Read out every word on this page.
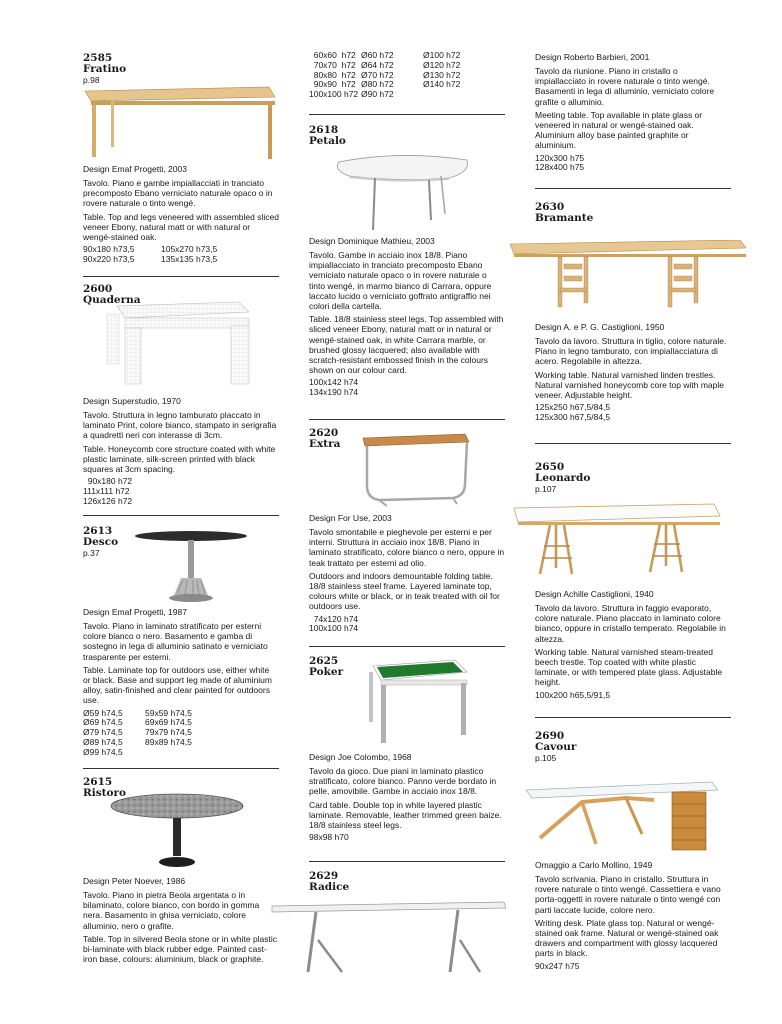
2585
Fratino
p.98
Design Emaf Progetti, 2003
Tavolo. Piano e gambe impiallacciati in tranciato precomposto Ebano verniciato naturale opaco o in rovere naturale o tinto wengé.
Table. Top and legs veneered with assembled sliced veneer Ebony, natural matt or with natural or wengé-stained oak.
90x180 h73,5	105x270 h73,5
90x220 h73,5	135x135 h73,5
2600
Quaderna
Design Superstudio, 1970
Tavolo. Struttura in legno tamburato placcato in laminato Print, colore bianco, stampato in serigrafia a quadretti neri con interasse di 3cm.
Table. Honeycomb core structure coated with white plastic laminate, silk-screen printed with black squares at 3cm spacing.
90x180 h72
111x111 h72
126x126 h72
2613
Desco
p.37
Design Emaf Progetti, 1987
Tavolo. Piano in laminato stratificato per esterni colore bianco o nero. Basamento e gamba di sostegno in lega di alluminio satinato e verniciato trasparente per esterni.
Table. Laminate top for outdoors use, either white or black. Base and support leg made of aluminium alloy, satin-finished and clear painted for outdoors use.
Ø59 h74,5	59x59 h74,5
Ø69 h74,5	69x69 h74,5
Ø79 h74,5	79x79 h74,5
Ø89 h74,5	89x89 h74,5
Ø99 h74,5
2615
Ristoro
Design Peter Noever, 1986
Tavolo. Piano in pietra Beola argentata o in bilaminato, colore bianco, con bordo in gomma nera. Basamento in ghisa verniciato, colore alluminio, nero o grafite.
Table. Top in silvered Beola stone or in white plastic bi-laminate with black rubber edge. Painted cast-iron base, colours: aluminium, black or graphite.
60x60  h72 Ø60 h72	Ø100 h72
70x70  h72 Ø64 h72	Ø120 h72
80x80  h72 Ø70 h72	Ø130 h72
90x90  h72 Ø80 h72	Ø140 h72
100x100 h72 Ø90 h72
2618
Petalo
Design Dominique Mathieu, 2003
Tavolo. Gambe in acciaio inox 18/8. Piano impiallacciato in tranciato precomposto Ebano verniciato naturale opaco o in rovere naturale o tinto wengé, in marmo bianco di Carrara, oppure laccato lucido o verniciato goffrato antigraffio nei colori della cartella.
Table. 18/8 stainless steel legs. Top assembled with sliced veneer Ebony, natural matt or in natural or wengé-stained oak, in white Carrara marble, or brushed glossy lacquered; also available with scratch-resistant embossed finish in the colours shown on our colour card.
100x142 h74
134x190 h74
2620
Extra
Design For Use, 2003
Tavolo smontabile e pieghevole per esterni e per interni. Struttura in acciaio inox 18/8. Piano in laminato stratificato, colore bianco o nero, oppure in teak trattato per esterni ad olio.
Outdoors and indoors demountable folding table. 18/8 stainless steel frame. Layered laminate top, colours white or black, or in teak treated with oil for outdoors use.
74x120 h74
100x100 h74
2625
Poker
Design Joe Colombo, 1968
Tavolo da gioco. Due piani in laminato plastico stratificato, colore bianco. Panno verde bordato in pelle, amovibile. Gambe in acciaio inox 18/8.
Card table. Double top in white layered plastic laminate. Removable, leather trimmed green baize. 18/8 stainless steel legs.
98x98 h70
2629
Radice
Design Roberto Barbieri, 2001
Tavolo da riunione. Piano in cristallo o impiallacciato in rovere naturale o tinto wengé. Basamenti in lega di alluminio, verniciato colore grafite o alluminio.
Meeting table. Top available in plate glass or veneered in natural or wengé-stained oak. Aluminium alloy base painted graphite or aluminium.
120x300 h75
128x400 h75
2630
Bramante
Design A. e P. G. Castiglioni, 1950
Tavolo da lavoro. Struttura in tiglio, colore naturale. Piano in legno tamburato, con impiallacciatura di acero. Regolabile in altezza.
Working table. Natural varnished linden trestles. Natural varnished honeycomb core top with maple veneer. Adjustable height.
125x250 h67,5/84,5
125x300 h67,5/84,5
2650
Leonardo
p.107
Design Achille Castiglioni, 1940
Tavolo da lavoro. Struttura in faggio evaporato, colore naturale. Piano placcato in laminato colore bianco, oppure in cristallo temperato. Regolabile in altezza.
Working table. Natural varnished steam-treated beech trestle. Top coated with white plastic laminate, or with tempered plate glass. Adjustable height.
100x200 h65,5/91,5
2690
Cavour
p.105
Omaggio a Carlo Mollino, 1949
Tavolo scrivania. Piano in cristallo. Struttura in rovere naturale o tinto wengé. Cassettiera e vano porta-oggetti in rovere naturale o tinto wengé con parti laccate lucide, colore nero.
Writing desk. Plate glass top. Natural or wengé-stained oak frame. Natural or wengé-stained oak drawers and compartment with glossy lacquered parts in black.
90x247 h75
